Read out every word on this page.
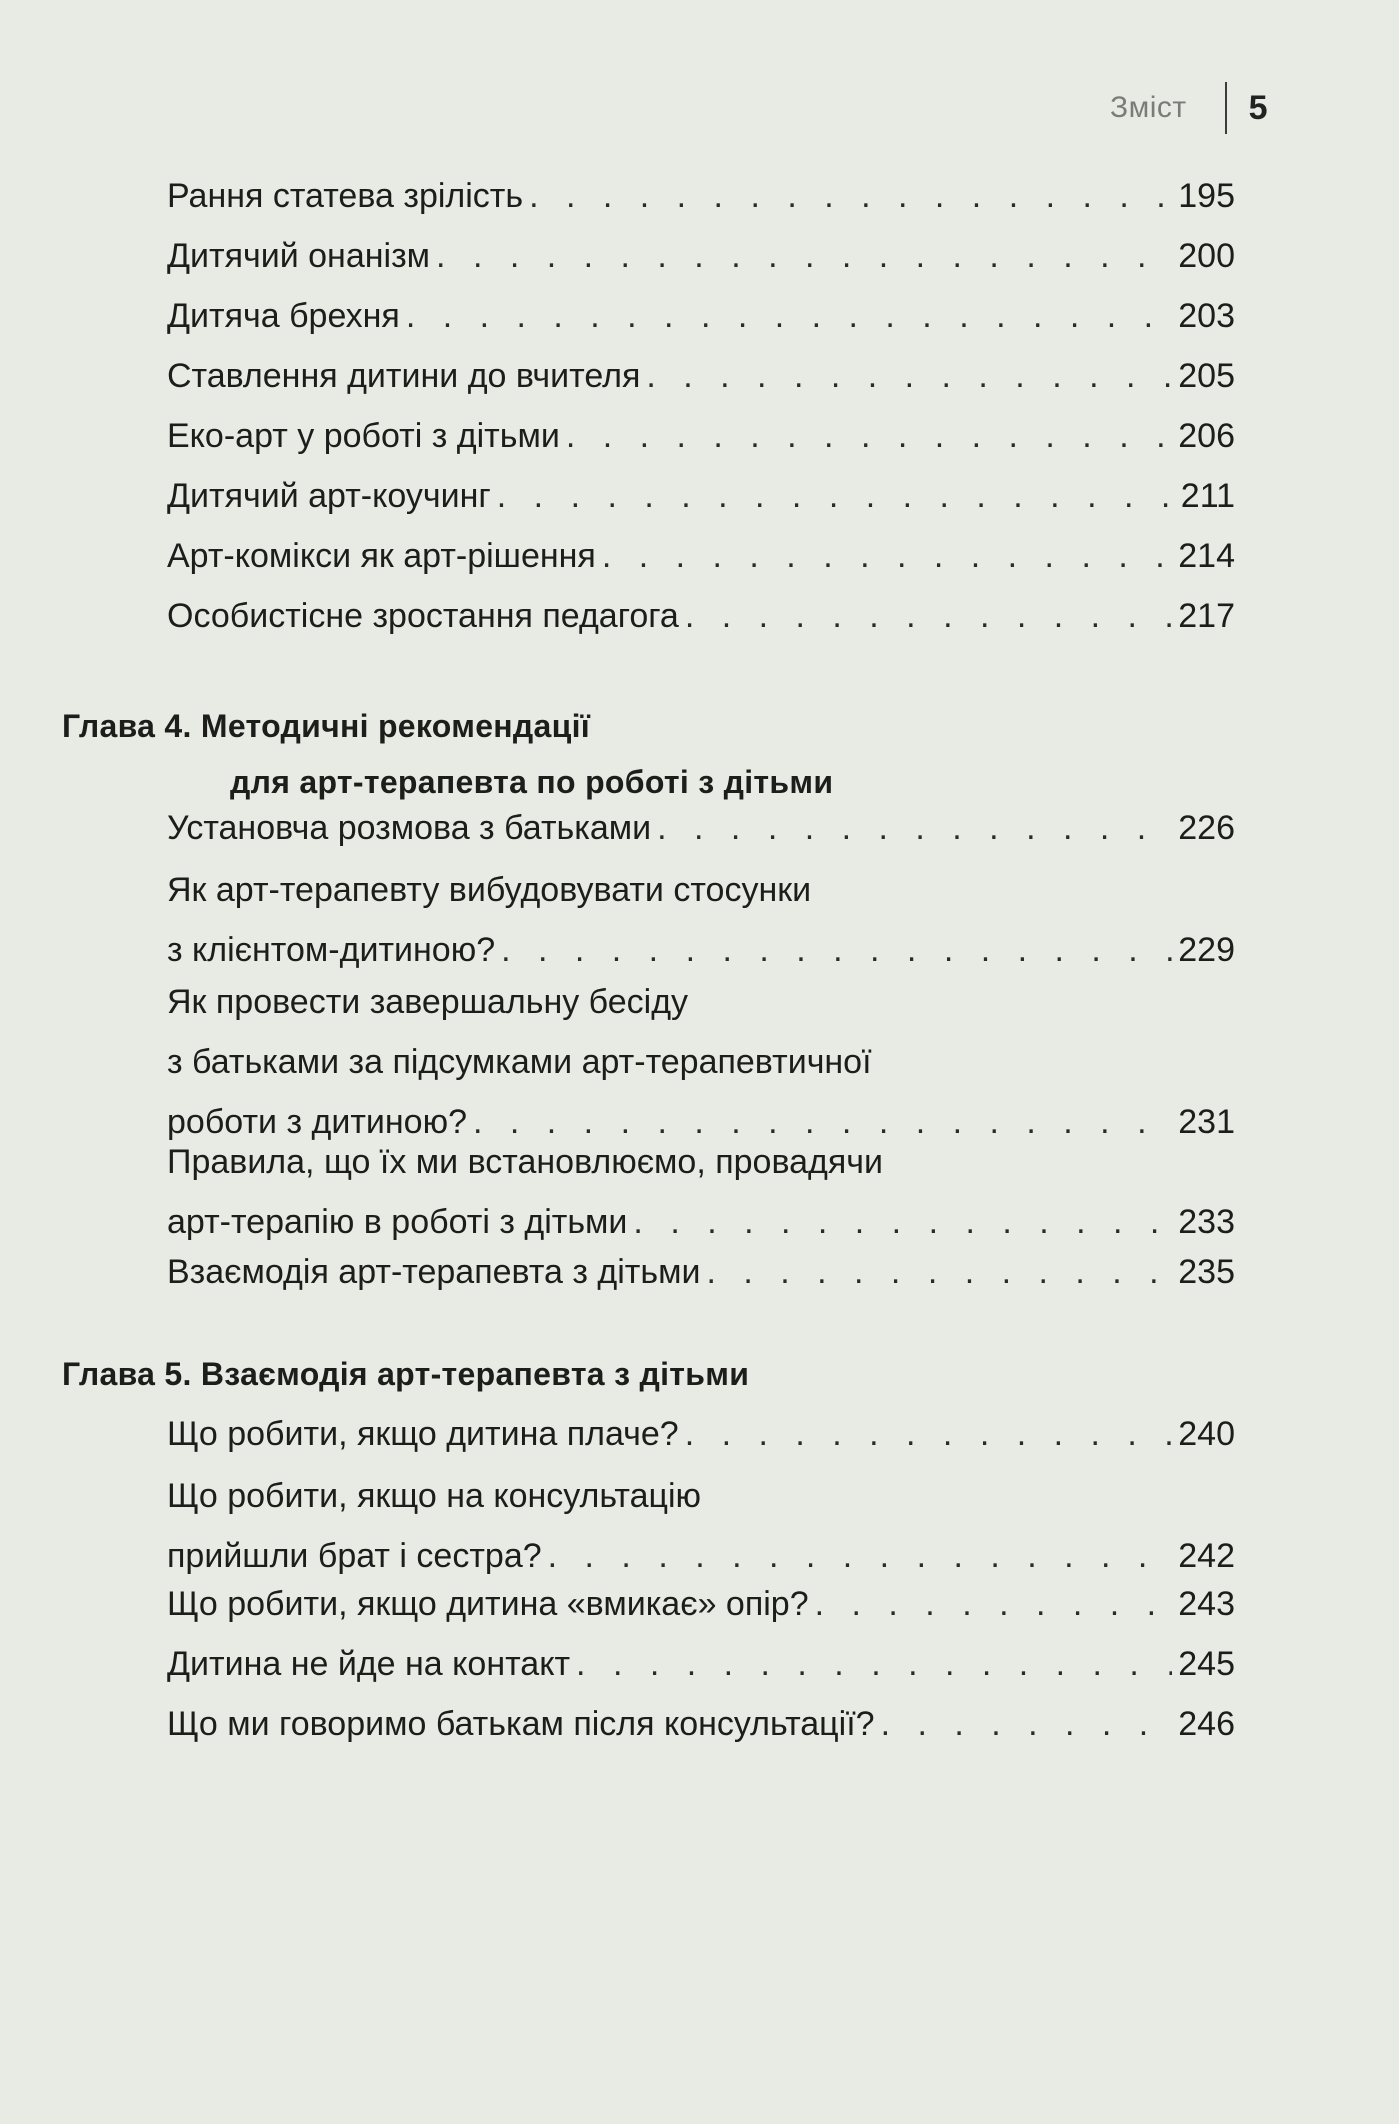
Зміст 5
Рання статева зрілість . . .	195
Дитячий онанізм . . .	200
Дитяча брехня . . .	203
Ставлення дитини до вчителя . . .	205
Еко-арт у роботі з дітьми . . .	206
Дитячий арт-коучинг . . .	211
Арт-комікси як арт-рішення . . .	214
Особистісне зростання педагога . . .	217
Глава 4. Методичні рекомендації
для арт-терапевта по роботі з дітьми
Установча розмова з батьками . . .	226
Як арт-терапевту вибудовувати стосунки
з клієнтом-дитиною? . . .	229
Як провести завершальну бесіду
з батьками за підсумками арт-терапевтичної
роботи з дитиною? . . .	231
Правила, що їх ми встановлюємо, провадячи
арт-терапію в роботі з дітьми . . .	233
Взаємодія арт-терапевта з дітьми . . .	235
Глава 5. Взаємодія арт-терапевта з дітьми
Що робити, якщо дитина плаче? . . .	240
Що робити, якщо на консультацію
прийшли брат і сестра? . . .	242
Що робити, якщо дитина «вмикає» опір? . . .	243
Дитина не йде на контакт . . .	245
Що ми говоримо батькам після консультації? . . .	246
